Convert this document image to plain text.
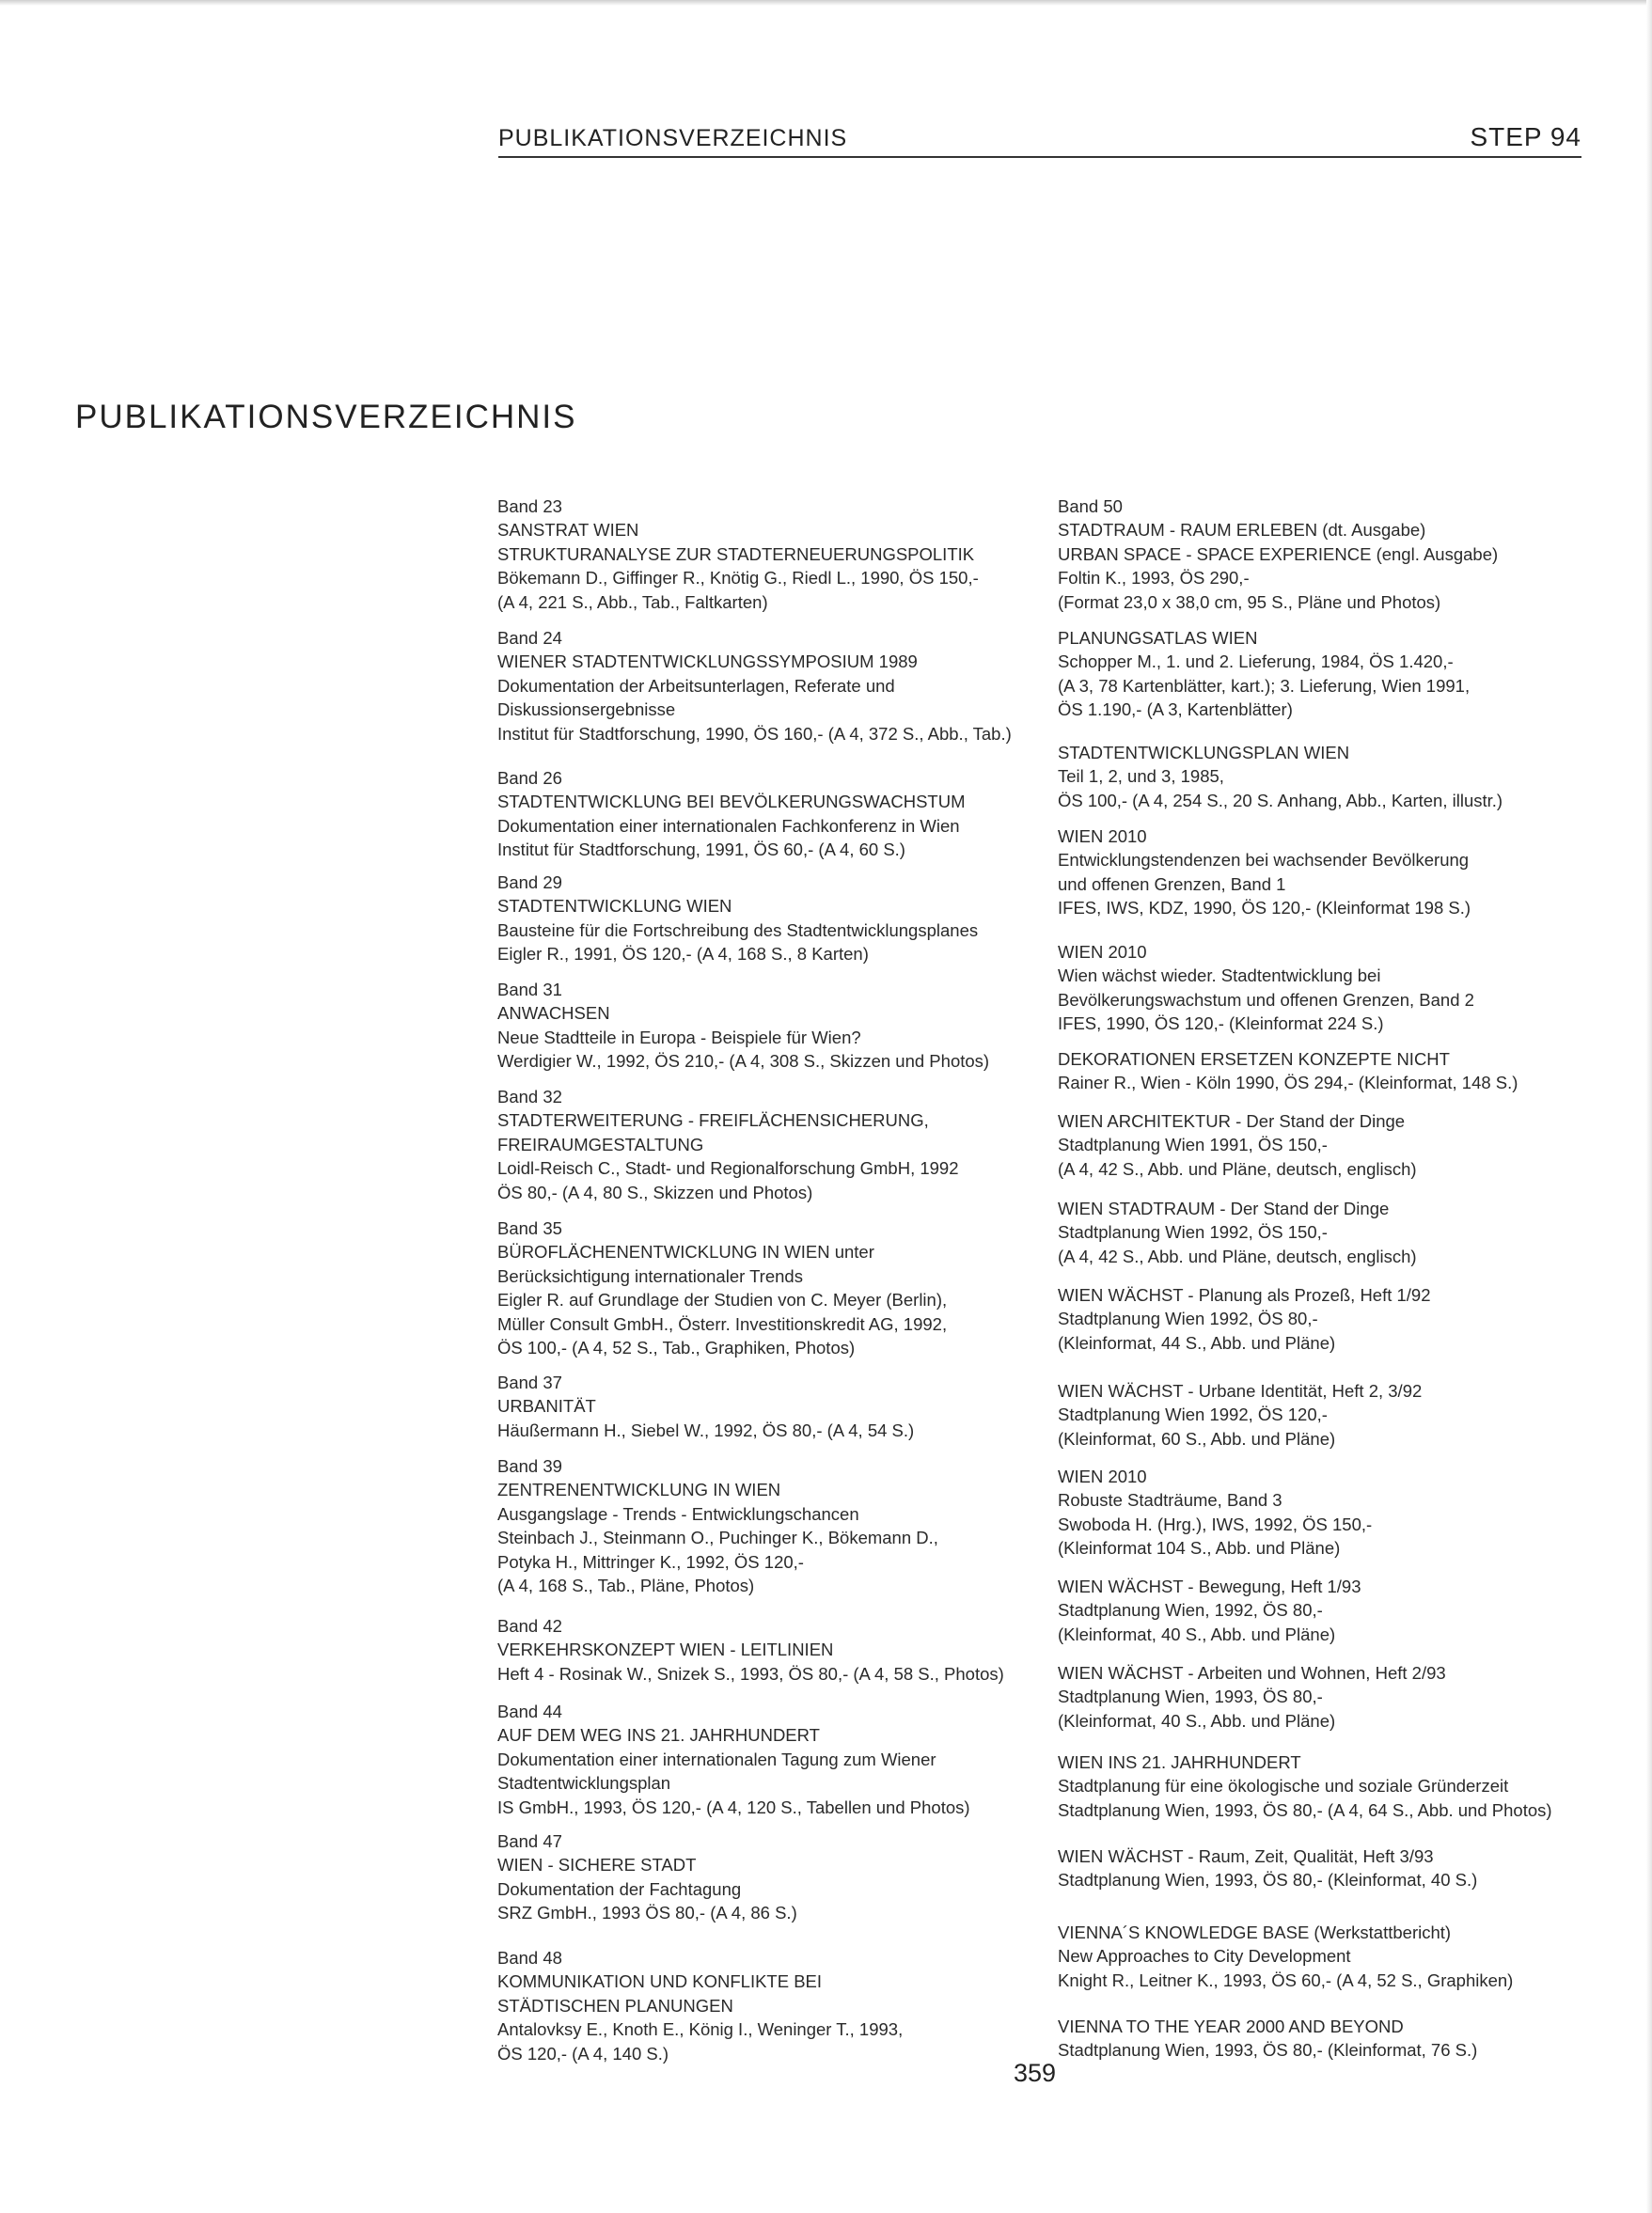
PUBLIKATIONSVERZEICHNIS	STEP 94
PUBLIKATIONSVERZEICHNIS
Band 23
SANSTRAT WIEN
STRUKTURANALYSE ZUR STADTERNEUERUNGSPOLITIK
Bökemann D., Giffinger R., Knötig G., Riedl L., 1990, ÖS 150,-
(A 4, 221 S., Abb., Tab., Faltkarten)
Band 24
WIENER STADTENTWICKLUNGSSYMPOSIUM 1989
Dokumentation der Arbeitsunterlagen, Referate und
Diskussionsergebnisse
Institut für Stadtforschung, 1990, ÖS 160,- (A 4, 372 S., Abb., Tab.)
Band 26
STADTENTWICKLUNG BEI BEVÖLKERUNGSWACHSTUM
Dokumentation einer internationalen Fachkonferenz in Wien
Institut für Stadtforschung, 1991, ÖS 60,- (A 4, 60 S.)
Band 29
STADTENTWICKLUNG WIEN
Bausteine für die Fortschreibung des Stadtentwicklungsplanes
Eigler R., 1991, ÖS 120,- (A 4, 168 S., 8 Karten)
Band 31
ANWACHSEN
Neue Stadtteile in Europa - Beispiele für Wien?
Werdigier W., 1992, ÖS 210,- (A 4, 308 S., Skizzen und Photos)
Band 32
STADTERWEITERUNG - FREIFLÄCHENSICHERUNG,
FREIRAUMGESTALTUNG
Loidl-Reisch C., Stadt- und Regionalforschung GmbH, 1992
ÖS 80,- (A 4, 80 S., Skizzen und Photos)
Band 35
BÜROFLÄCHENENTWICKLUNG IN WIEN unter
Berücksichtigung internationaler Trends
Eigler R. auf Grundlage der Studien von C. Meyer (Berlin),
Müller Consult GmbH., Österr. Investitionskredit AG, 1992,
ÖS 100,- (A 4, 52 S., Tab., Graphiken, Photos)
Band 37
URBANITÄT
Häußermann H., Siebel W., 1992, ÖS 80,- (A 4, 54 S.)
Band 39
ZENTRENENTWICKLUNG IN WIEN
Ausgangslage - Trends - Entwicklungschancen
Steinbach J., Steinmann O., Puchinger K., Bökemann D.,
Potyka H., Mittringer K., 1992, ÖS 120,-
(A 4, 168 S., Tab., Pläne, Photos)
Band 42
VERKEHRSKONZEPT WIEN - LEITLINIEN
Heft 4 - Rosinak W., Snizek S., 1993, ÖS 80,- (A 4, 58 S., Photos)
Band 44
AUF DEM WEG INS 21. JAHRHUNDERT
Dokumentation einer internationalen Tagung zum Wiener
Stadtentwicklungsplan
IS GmbH., 1993, ÖS 120,- (A 4, 120 S., Tabellen und Photos)
Band 47
WIEN - SICHERE STADT
Dokumentation der Fachtagung
SRZ GmbH., 1993 ÖS 80,- (A 4, 86 S.)
Band 48
KOMMUNIKATION UND KONFLIKTE BEI
STÄDTISCHEN PLANUNGEN
Antalovksy E., Knoth E., König I., Weninger T., 1993,
ÖS 120,- (A 4, 140 S.)
Band 50
STADTRAUM - RAUM ERLEBEN (dt. Ausgabe)
URBAN SPACE - SPACE EXPERIENCE (engl. Ausgabe)
Foltin K., 1993, ÖS 290,-
(Format 23,0 x 38,0 cm, 95 S., Pläne und Photos)
PLANUNGSATLAS WIEN
Schopper M., 1. und 2. Lieferung, 1984, ÖS 1.420,-
(A 3, 78 Kartenblätter, kart.); 3. Lieferung, Wien 1991,
ÖS 1.190,- (A 3, Kartenblätter)
STADTENTWICKLUNGSPLAN WIEN
Teil 1, 2, und 3, 1985,
ÖS 100,- (A 4, 254 S., 20 S. Anhang, Abb., Karten, illustr.)
WIEN 2010
Entwicklungstendenzen bei wachsender Bevölkerung
und offenen Grenzen, Band 1
IFES, IWS, KDZ, 1990, ÖS 120,- (Kleinformat 198 S.)
WIEN 2010
Wien wächst wieder. Stadtentwicklung bei
Bevölkerungswachstum und offenen Grenzen, Band 2
IFES, 1990, ÖS 120,- (Kleinformat 224 S.)
DEKORATIONEN ERSETZEN KONZEPTE NICHT
Rainer R., Wien - Köln 1990, ÖS 294,- (Kleinformat, 148 S.)
WIEN ARCHITEKTUR - Der Stand der Dinge
Stadtplanung Wien 1991, ÖS 150,-
(A 4, 42 S., Abb. und Pläne, deutsch, englisch)
WIEN STADTRAUM - Der Stand der Dinge
Stadtplanung Wien 1992, ÖS 150,-
(A 4, 42 S., Abb. und Pläne, deutsch, englisch)
WIEN WÄCHST - Planung als Prozeß, Heft 1/92
Stadtplanung Wien 1992, ÖS 80,-
(Kleinformat, 44 S., Abb. und Pläne)
WIEN WÄCHST - Urbane Identität, Heft 2, 3/92
Stadtplanung Wien 1992, ÖS 120,-
(Kleinformat, 60 S., Abb. und Pläne)
WIEN 2010
Robuste Stadträume, Band 3
Swoboda H. (Hrg.), IWS, 1992, ÖS 150,-
(Kleinformat 104 S., Abb. und Pläne)
WIEN WÄCHST - Bewegung, Heft 1/93
Stadtplanung Wien, 1992, ÖS 80,-
(Kleinformat, 40 S., Abb. und Pläne)
WIEN WÄCHST - Arbeiten und Wohnen, Heft 2/93
Stadtplanung Wien, 1993, ÖS 80,-
(Kleinformat, 40 S., Abb. und Pläne)
WIEN INS 21. JAHRHUNDERT
Stadtplanung für eine ökologische und soziale Gründerzeit
Stadtplanung Wien, 1993, ÖS 80,- (A 4, 64 S., Abb. und Photos)
WIEN WÄCHST - Raum, Zeit, Qualität, Heft 3/93
Stadtplanung Wien, 1993, ÖS 80,- (Kleinformat, 40 S.)
VIENNA´S KNOWLEDGE BASE (Werkstattbericht)
New Approaches to City Development
Knight R., Leitner K., 1993, ÖS 60,- (A 4, 52 S., Graphiken)
VIENNA TO THE YEAR 2000 AND BEYOND
Stadtplanung Wien, 1993, ÖS 80,- (Kleinformat, 76 S.)
359
